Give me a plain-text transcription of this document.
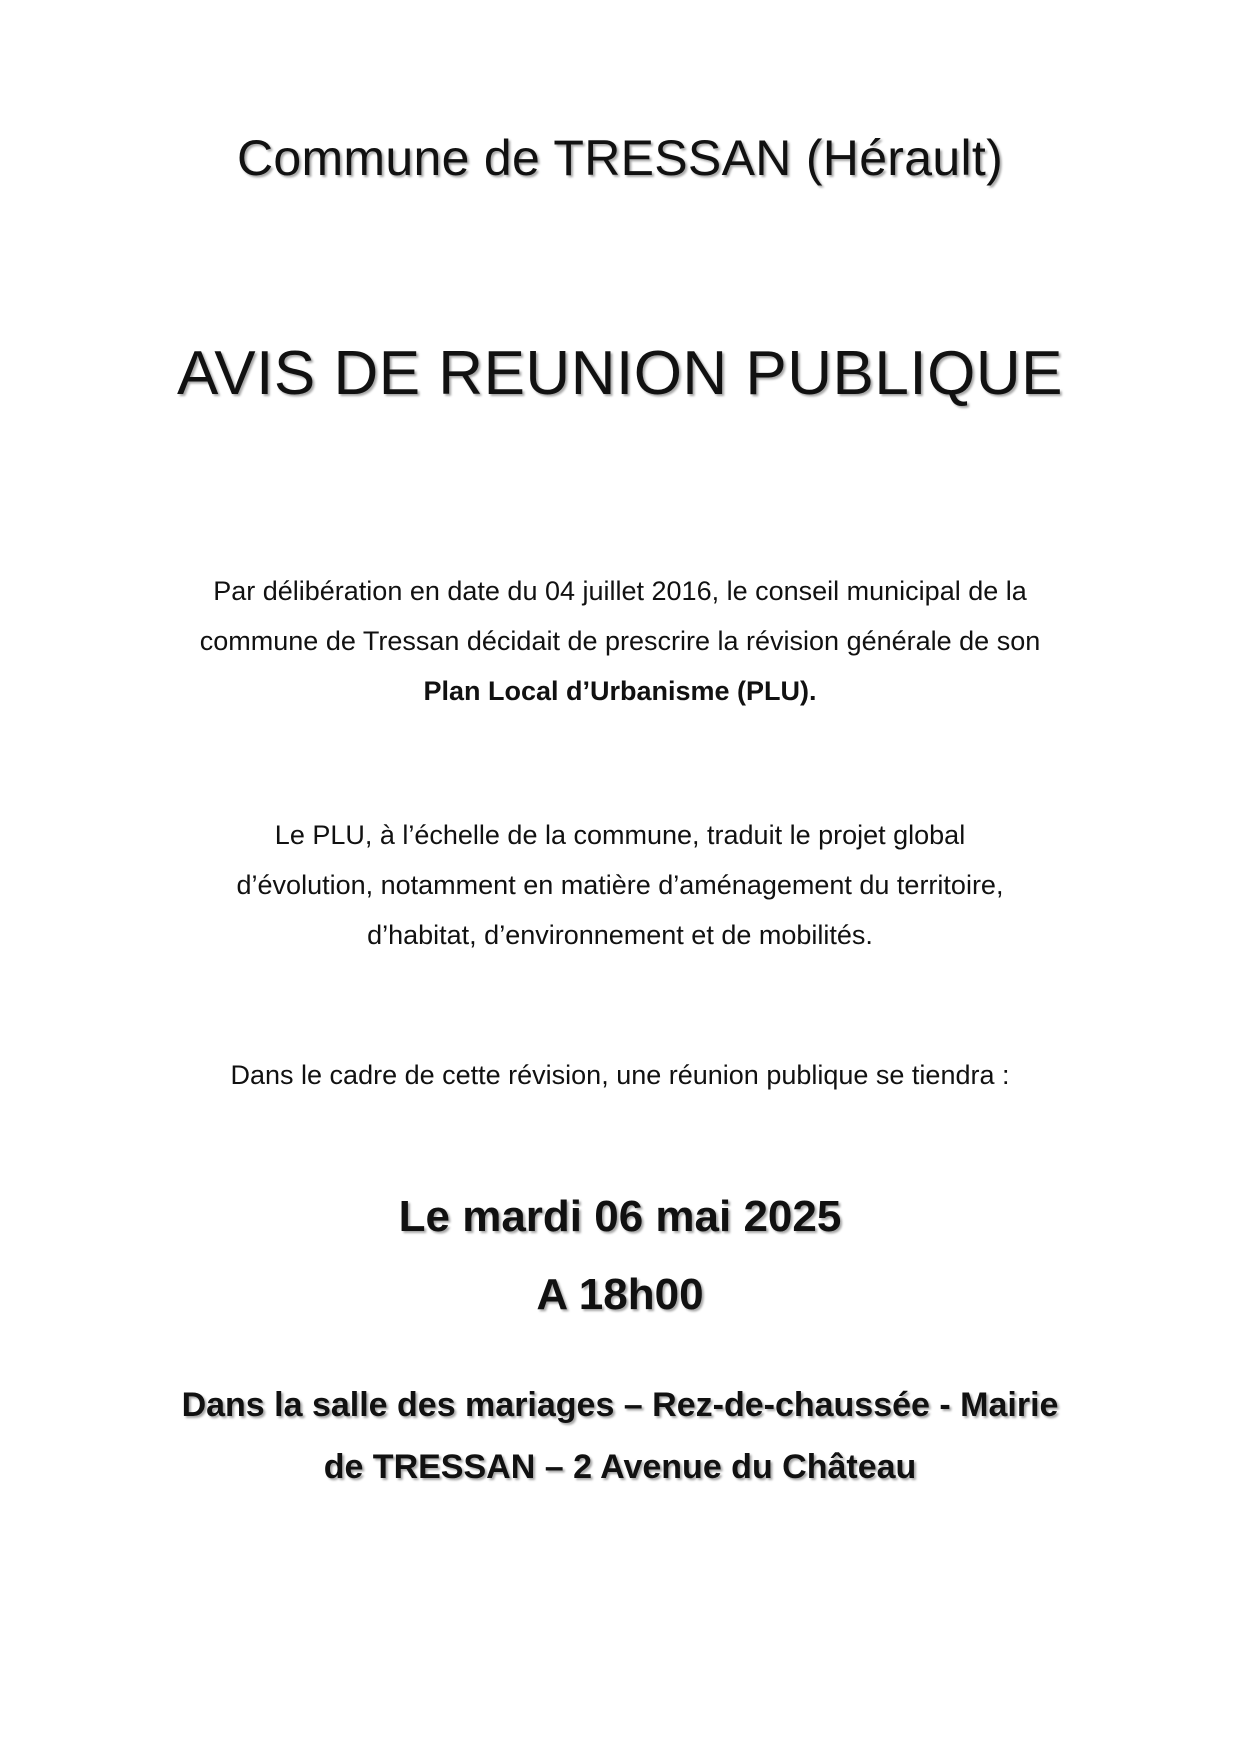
Commune de TRESSAN (Hérault)
AVIS DE REUNION PUBLIQUE
Par délibération en date du 04 juillet 2016, le conseil municipal de la
commune de Tressan décidait de prescrire la révision générale de son
Plan Local d’Urbanisme (PLU).
Le PLU, à l’échelle de la commune, traduit le projet global
d’évolution, notamment en matière d’aménagement du territoire,
d’habitat, d’environnement et de mobilités.
Dans le cadre de cette révision, une réunion publique se tiendra :
Le mardi 06 mai 2025
A 18h00
Dans la salle des mariages – Rez-de-chaussée - Mairie
de TRESSAN – 2 Avenue du Château
